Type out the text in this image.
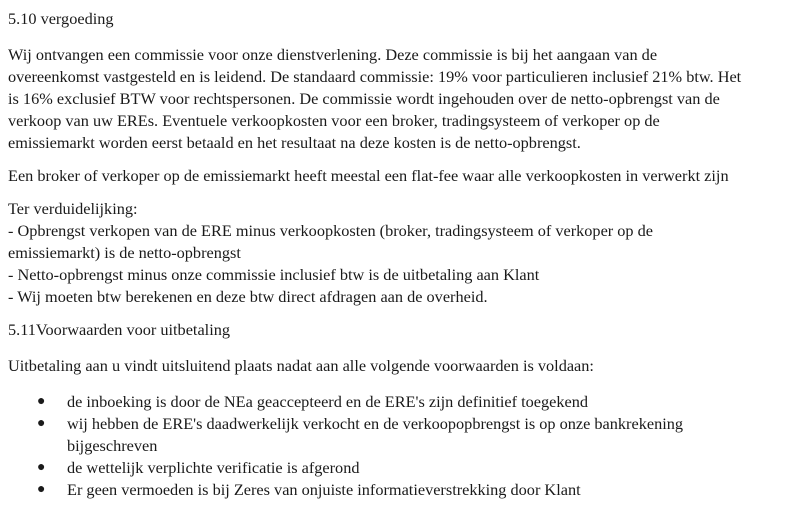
5.10 vergoeding
Wij ontvangen een commissie voor onze dienstverlening. Deze commissie is bij het aangaan van de
overeenkomst vastgesteld en is leidend. De standaard commissie: 19% voor particulieren inclusief 21% btw. Het
is 16% exclusief BTW voor rechtspersonen. De commissie wordt ingehouden over de netto-opbrengst van de
verkoop van uw EREs. Eventuele verkoopkosten voor een broker, tradingsysteem of verkoper op de
emissiemarkt worden eerst betaald en het resultaat na deze kosten is de netto-opbrengst.
Een broker of verkoper op de emissiemarkt heeft meestal een flat-fee waar alle verkoopkosten in verwerkt zijn
Ter verduidelijking:
- Opbrengst verkopen van de ERE minus verkoopkosten (broker, tradingsysteem of verkoper op de
emissiemarkt) is de netto-opbrengst
- Netto-opbrengst minus onze commissie inclusief btw is de uitbetaling aan Klant
- Wij moeten btw berekenen en deze btw direct afdragen aan de overheid.
5.11Voorwaarden voor uitbetaling
Uitbetaling aan u vindt uitsluitend plaats nadat aan alle volgende voorwaarden is voldaan:
● de inboeking is door de NEa geaccepteerd en de ERE's zijn definitief toegekend
● wij hebben de ERE's daadwerkelijk verkocht en de verkoopopbrengst is op onze bankrekening
bijgeschreven
● de wettelijk verplichte verificatie is afgerond
● Er geen vermoeden is bij Zeres van onjuiste informatieverstrekking door Klant
